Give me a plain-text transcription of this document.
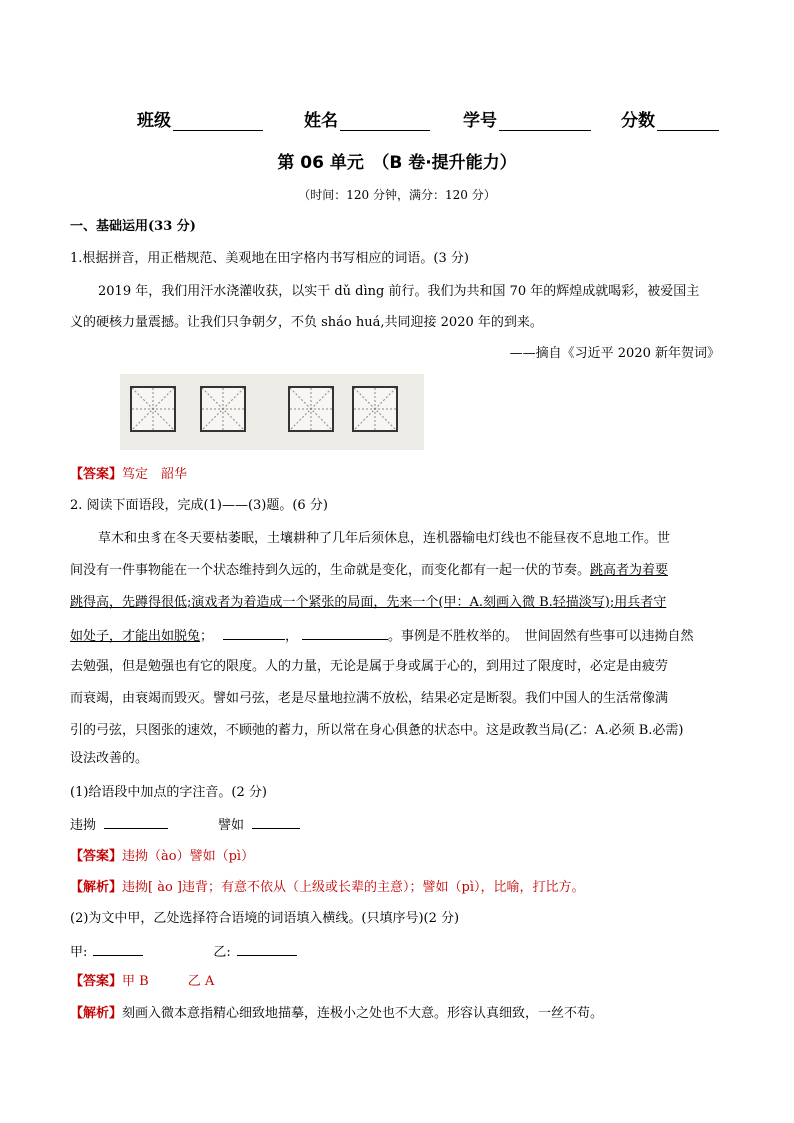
班级	姓名	学号	分数
第 06 单元　（B 卷·提升能力）
（时间：120 分钟，满分：120 分）
一、基础运用(33 分)
1.根据拼音，用正楷规范、美观地在田字格内书写相应的词语。(3 分)
2019 年，我们用汗水浇灌收获，以实干 dǔ dìng 前行。我们为共和国 70 年的辉煌成就喝彩，被爱国主
义的硬核力量震撼。让我们只争朝夕，不负 sháo huá,共同迎接 2020 年的到来。
——摘自《习近平 2020 新年贺词》
【答案】笃定　韶华
2. 阅读下面语段，完成(1)——(3)题。(6 分)
草木和虫豸在冬天要枯萎眠，土壤耕种了几年后须休息，连机器输电灯线也不能昼夜不息地工作。世
间没有一件事物能在一个状态维持到久远的，生命就是变化，而变化都有一起一伏的节奏。跳高者为着要
跳得高，先蹲得很低;演戏者为着造成一个紧张的局面，先来一个(甲：A.刻画入微 B.轻描淡写);用兵者守
如处子，才能出如脱兔；	，	。事例是不胜枚举的。　世间固然有些事可以违拗自然
去勉强，但是勉强也有它的限度。人的力量，无论是属于身或属于心的，到用过了限度时，必定是由疲劳
而衰竭，由衰竭而毁灭。譬如弓弦，老是尽量地拉满不放松，结果必定是断裂。我们中国人的生活常像满
引的弓弦，只图张的速效，不顾弛的蓄力，所以常在身心俱惫的状态中。这是政教当局(乙：A.必须 B.必需)
设法改善的。
(1)给语段中加点的字注音。(2 分)
违拗	譬如
【答案】违拗（ào）譬如（pì）
【解析】违拗[ ào ]违背；有意不依从（上级或长辈的主意）；譬如（pì），比喻，打比方。
(2)为文中甲，乙处选择符合语境的词语填入横线。(只填序号)(2 分)
甲:	乙:
【答案】甲 B　　　乙 A
【解析】刻画入微本意指精心细致地描摹，连极小之处也不大意。形容认真细致，一丝不苟。
